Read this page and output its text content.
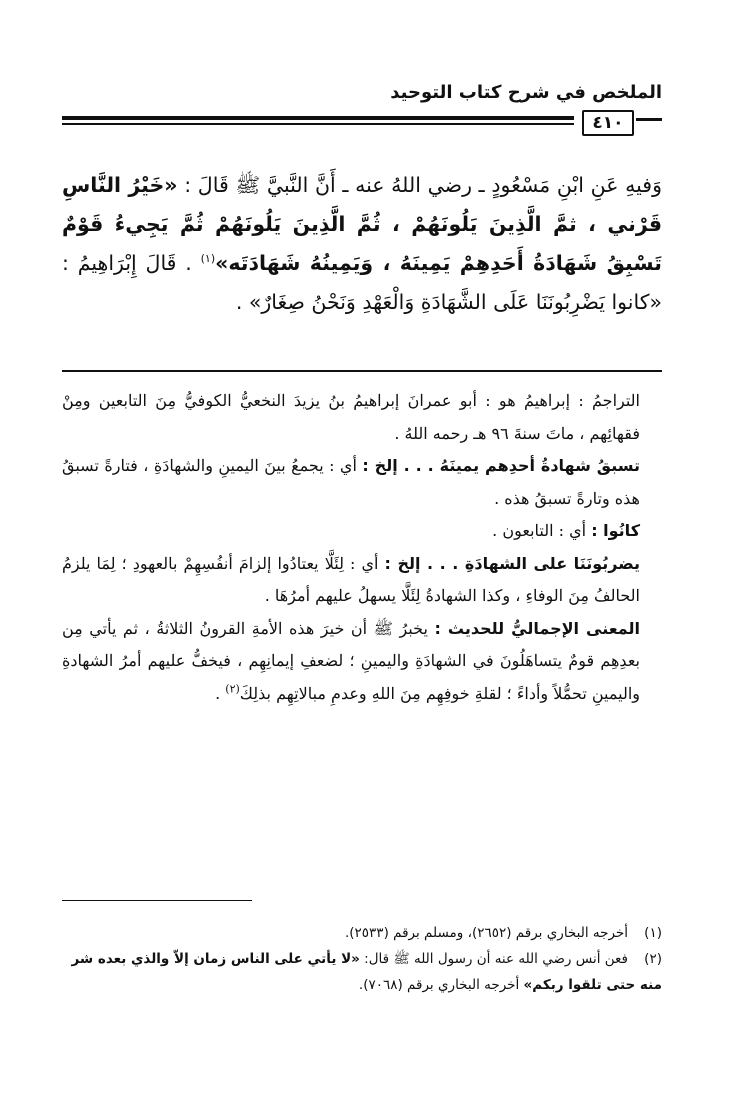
الملخص في شرح كتاب التوحيد
٤١٠
وَفيهِ عَنِ ابْنِ مَسْعُودٍ ـ رضي اللهُ عنه ـ أَنَّ النَّبيَّ ﷺ قَالَ : «خَيْرُ النَّاسِ قَرْني ، ثمَّ الَّذِينَ يَلُونَهُمْ ، ثُمَّ الَّذِينَ يَلُونَهُمْ ثُمَّ يَجِيءُ قَوْمٌ تَسْبِقُ شَهَادَةُ أَحَدِهِمْ يَمِينَهُ ، وَيَمِينُهُ شَهَادَتَه»$^{(١)}$ . قَالَ إِبْرَاهِيمُ : «كانوا يَضْرِبُونَنَا عَلَى الشَّهَادَةِ وَالْعَهْدِ وَنَحْنُ صِغَارٌ» .

التراجمُ : إبراهيمُ هو : أبو عمرانَ إبراهيمُ بنُ يزيدَ النخعيُّ الكوفيُّ مِنَ التابعين ومِنْ فقهائِهم ، ماتَ سنةَ ٩٦ هـ رحمه اللهُ .

تسبقُ شهادةُ أحدِهم يمينَهُ . . . إلخ : أي : يجمعُ بينَ اليمينِ والشهادَةِ ، فتارةً تسبقُ هذه وتارةً تسبقُ هذه .

كانُوا : أي : التابعون .

يضربُونَنَا على الشهادَةِ . . . إلخ : أي : لِئَلَّا يعتادُوا إلزامَ أنفُسِهِمْ بالعهودِ ؛ لِمَا يلزمُ الحالفُ مِنَ الوفاءِ ، وكذا الشهادةُ لِئَلَّا يسهلُ عليهم أمرُهَا .

المعنى الإجماليُّ للحديث : يخبرُ ﷺ أن خيرَ هذه الأمةِ القرونُ الثلاثةُ ، ثم يأتي مِن بعدِهِم قومٌ يتساهَلُونَ في الشهادَةِ واليمينِ ؛ لضعفِ إيمانِهِم ، فيخفُّ عليهم أمرُ الشهادةِ واليمينِ تحمُّلاً وأداءً ؛ لقلةِ خوفِهِم مِنَ اللهِ وعدمِ مبالاتِهِم بذلِكَ$^{(٢)}$ .

(١)أخرجه البخاري برقم (٢٦٥٢)، ومسلم برقم (٢٥٣٣).

(٢)فعن أنس رضي الله عنه أن رسول الله ﷺ قال: «لا يأتي على الناس زمان إلاّ والذي بعده شر منه حتى تلقوا ربكم» أخرجه البخاري برقم (٧٠٦٨).
